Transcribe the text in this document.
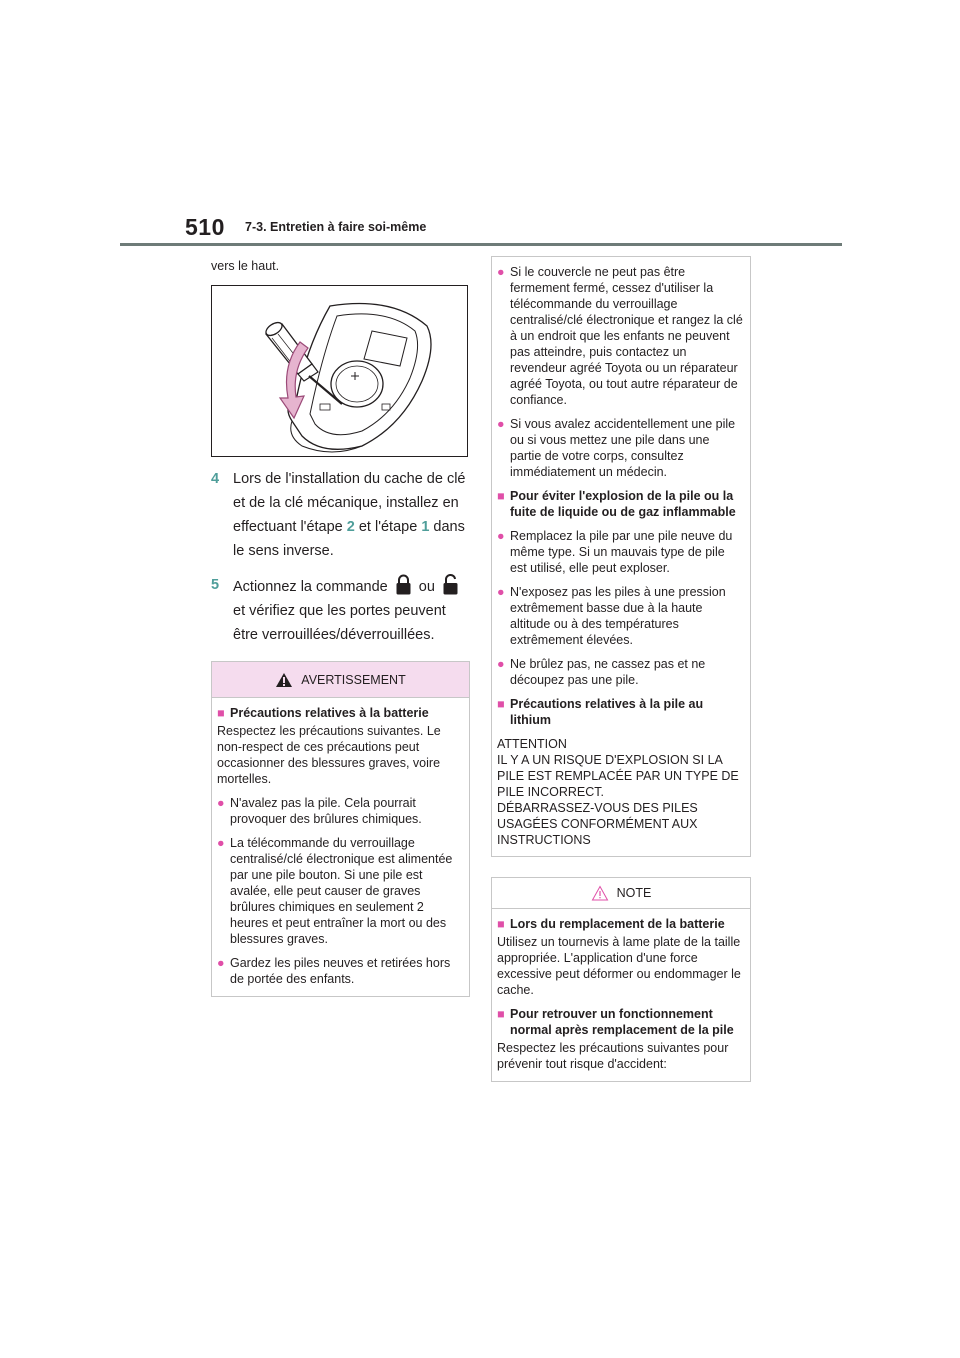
510 7-3. Entretien à faire soi-même
vers le haut.
4 Lors de l'installation du cache de clé et de la clé mécanique, installez en effectuant l'étape 2 et l'étape 1 dans le sens inverse.
5 Actionnez la commande  ou  et vérifiez que les portes peuvent être verrouillées/déverrouillées.
AVERTISSEMENT
■ Précautions relatives à la batterie
Respectez les précautions suivantes. Le non-respect de ces précautions peut occasionner des blessures graves, voire mortelles.
● N'avalez pas la pile. Cela pourrait provoquer des brûlures chimiques.
● La télécommande du verrouillage centralisé/clé électronique est alimentée par une pile bouton. Si une pile est avalée, elle peut causer de graves brûlures chimiques en seulement 2 heures et peut entraîner la mort ou des blessures graves.
● Gardez les piles neuves et retirées hors de portée des enfants.
● Si le couvercle ne peut pas être fermement fermé, cessez d'utiliser la télécommande du verrouillage centralisé/clé électronique et rangez la clé à un endroit que les enfants ne peuvent pas atteindre, puis contactez un revendeur agréé Toyota ou un réparateur agréé Toyota, ou tout autre réparateur de confiance.
● Si vous avalez accidentellement une pile ou si vous mettez une pile dans une partie de votre corps, consultez immédiatement un médecin.
■ Pour éviter l'explosion de la pile ou la fuite de liquide ou de gaz inflammable
● Remplacez la pile par une pile neuve du même type. Si un mauvais type de pile est utilisé, elle peut exploser.
● N'exposez pas les piles à une pression extrêmement basse due à la haute altitude ou à des températures extrêmement élevées.
● Ne brûlez pas, ne cassez pas et ne découpez pas une pile.
■ Précautions relatives à la pile au lithium
ATTENTION
IL Y A UN RISQUE D'EXPLOSION SI LA PILE EST REMPLACÉE PAR UN TYPE DE PILE INCORRECT.
DÉBARRASSEZ-VOUS DES PILES USAGÉES CONFORMÉMENT AUX INSTRUCTIONS
NOTE
■ Lors du remplacement de la batterie
Utilisez un tournevis à lame plate de la taille appropriée. L'application d'une force excessive peut déformer ou endommager le cache.
■ Pour retrouver un fonctionnement normal après remplacement de la pile
Respectez les précautions suivantes pour prévenir tout risque d'accident:
